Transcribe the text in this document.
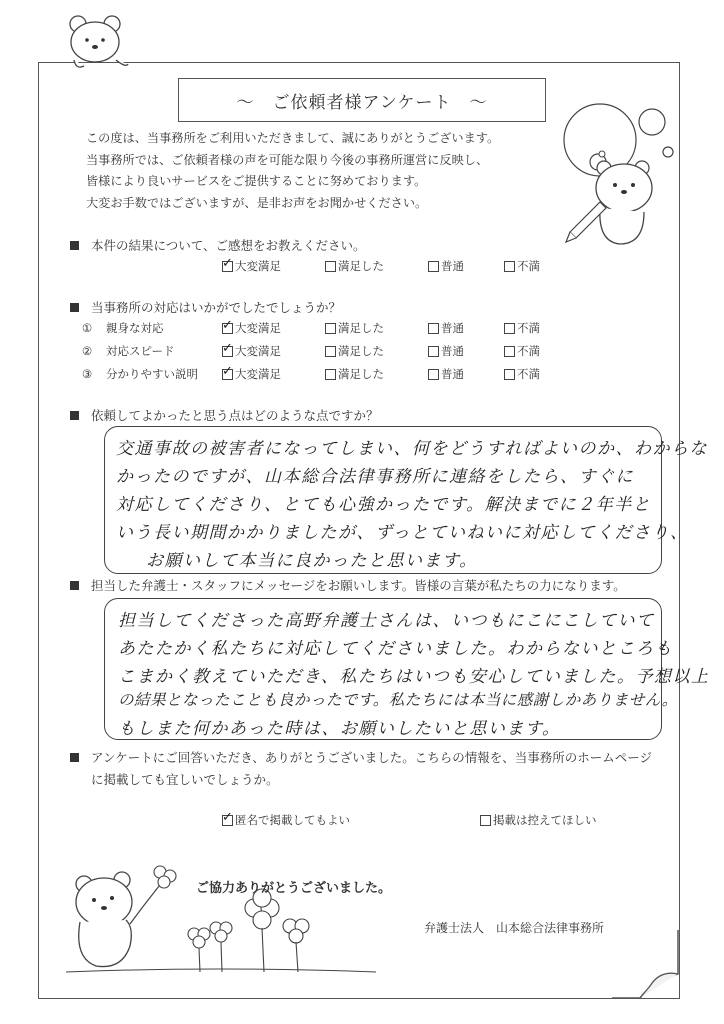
～　ご依頼者様アンケート　～
この度は、当事務所をご利用いただきまして、誠にありがとうございます。
当事務所では、ご依頼者様の声を可能な限り今後の事務所運営に反映し、
皆様により良いサービスをご提供することに努めております。
大変お手数ではございますが、是非お声をお聞かせください。
本件の結果について、ご感想をお教えください。
✓
大変満足	満足した	普通	不満
当事務所の対応はいかがでしたでしょうか？
① 親身な対応 ✓	大変満足	満足した	普通	不満
② 対応スピード ✓	大変満足	満足した	普通	不満
③ 分かりやすい説明 ✓	大変満足	満足した	普通	不満
依頼してよかったと思う点はどのような点ですか？
交通事故の被害者になってしまい、何をどうすればよいのか、わからな
かったのですが、山本総合法律事務所に連絡をしたら、すぐに
対応してくださり、とても心強かったです。解決までに２年半と
いう長い期間かかりましたが、ずっとていねいに対応してくださり、
お願いして本当に良かったと思います。
担当した弁護士・スタッフにメッセージをお願いします。皆様の言葉が私たちの力になります。
担当してくださった高野弁護士さんは、いつもにこにこしていて
あたたかく私たちに対応してくださいました。わからないところも
こまかく教えていただき、私たちはいつも安心していました。予想以上
の結果となったことも良かったです。私たちには本当に感謝しかありません。
もしまた何かあった時は、お願いしたいと思います。
アンケートにご回答いただき、ありがとうございました。こちらの情報を、当事務所のホームページ
に掲載しても宜しいでしょうか。
✓
匿名で掲載してもよい	掲載は控えてほしい
ご協力ありがとうございました。
弁護士法人　山本総合法律事務所
